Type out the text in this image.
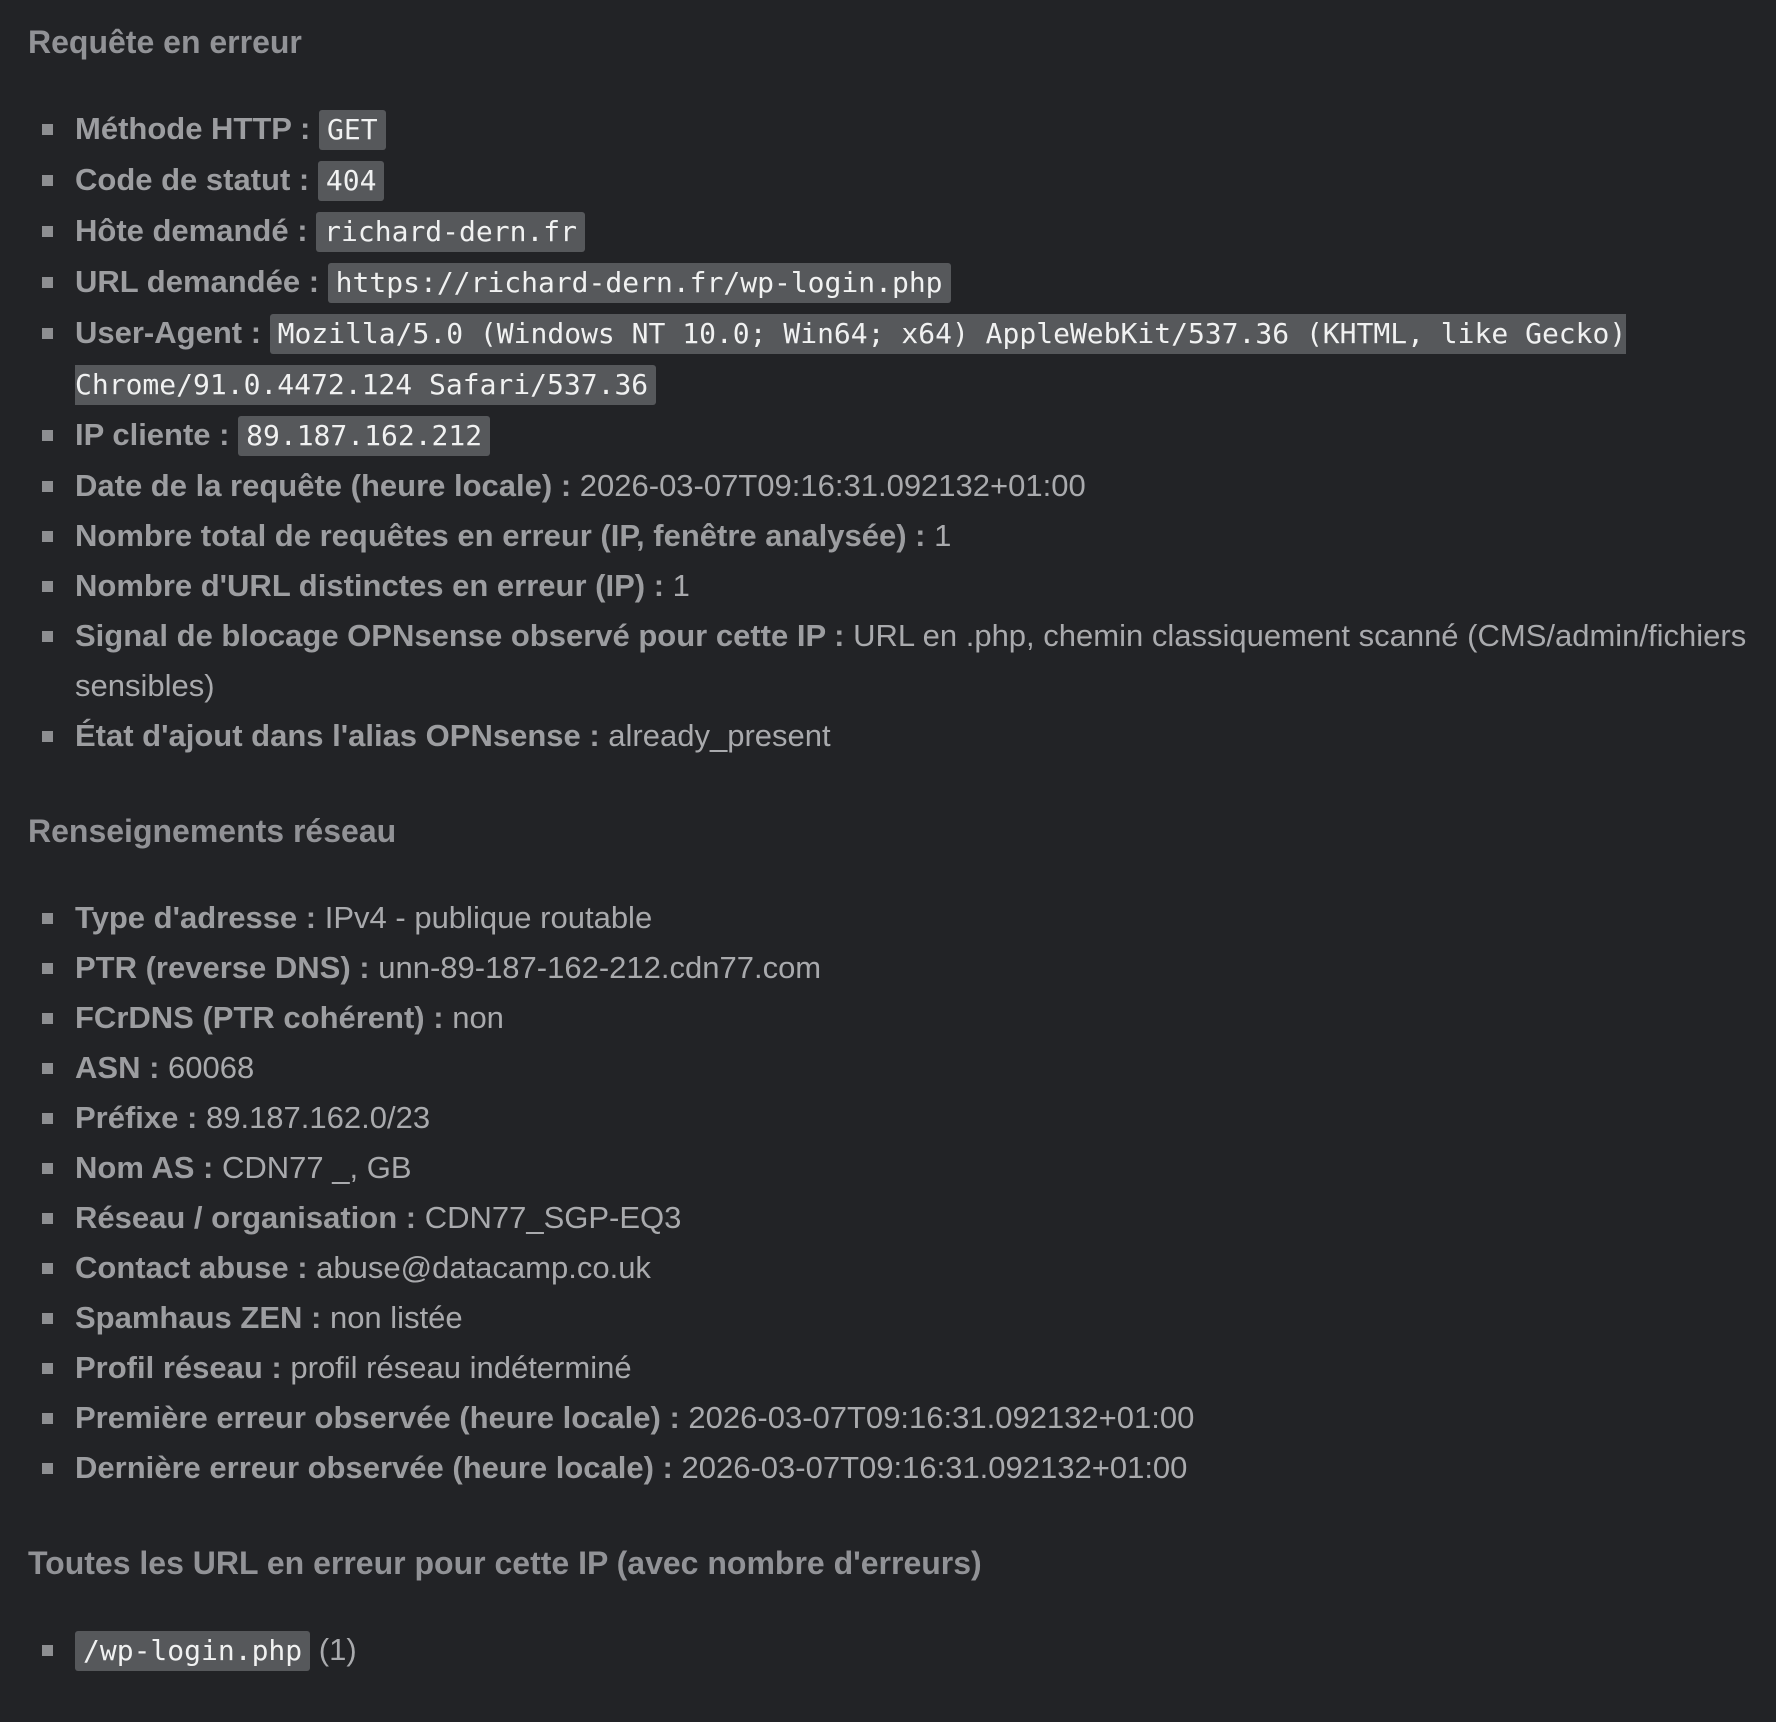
Requête en erreur
Méthode HTTP : GET
Code de statut : 404
Hôte demandé : richard-dern.fr
URL demandée : https://richard-dern.fr/wp-login.php
User-Agent : Mozilla/5.0 (Windows NT 10.0; Win64; x64) AppleWebKit/537.36 (KHTML, like Gecko) Chrome/91.0.4472.124 Safari/537.36
IP cliente : 89.187.162.212
Date de la requête (heure locale) : 2026-03-07T09:16:31.092132+01:00
Nombre total de requêtes en erreur (IP, fenêtre analysée) : 1
Nombre d'URL distinctes en erreur (IP) : 1
Signal de blocage OPNsense observé pour cette IP : URL en .php, chemin classiquement scanné (CMS/admin/fichiers sensibles)
État d'ajout dans l'alias OPNsense : already_present
Renseignements réseau
Type d'adresse : IPv4 - publique routable
PTR (reverse DNS) : unn-89-187-162-212.cdn77.com
FCrDNS (PTR cohérent) : non
ASN : 60068
Préfixe : 89.187.162.0/23
Nom AS : CDN77 _, GB
Réseau / organisation : CDN77_SGP-EQ3
Contact abuse : abuse@datacamp.co.uk
Spamhaus ZEN : non listée
Profil réseau : profil réseau indéterminé
Première erreur observée (heure locale) : 2026-03-07T09:16:31.092132+01:00
Dernière erreur observée (heure locale) : 2026-03-07T09:16:31.092132+01:00
Toutes les URL en erreur pour cette IP (avec nombre d'erreurs)
/wp-login.php (1)
